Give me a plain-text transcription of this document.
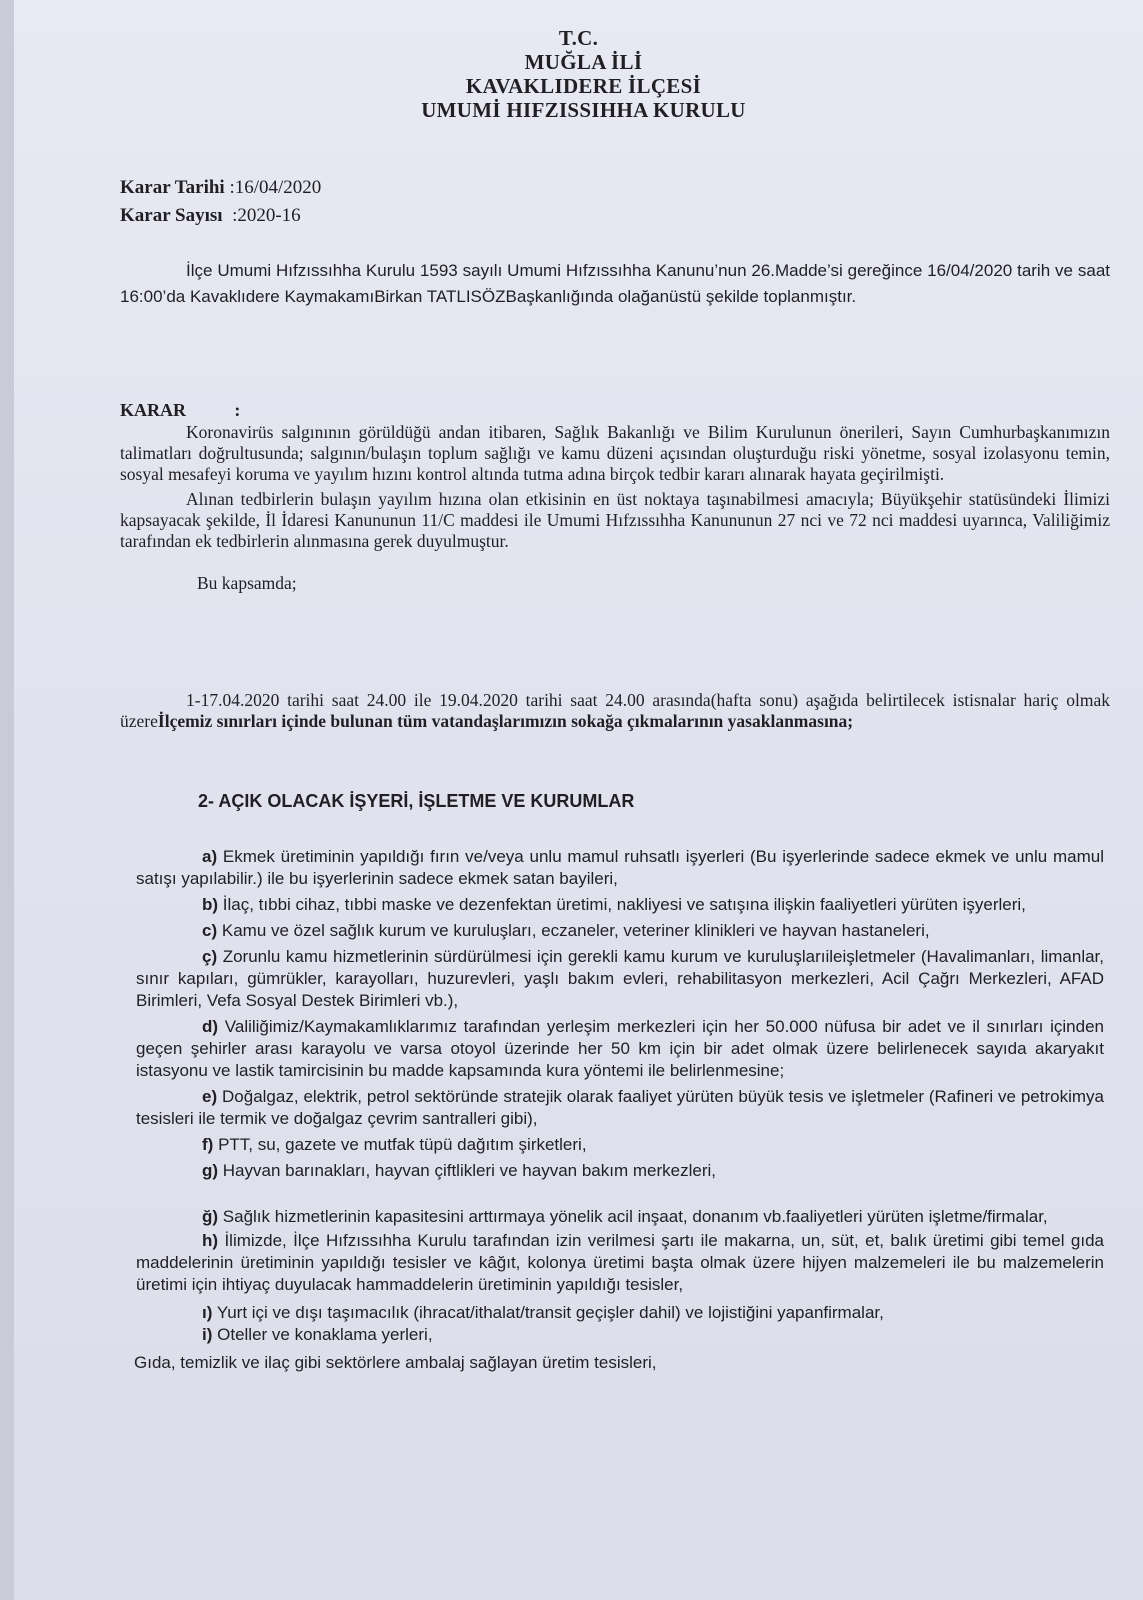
T.C.
MUĞLA İLİ
KAVAKLIDERE İLÇESİ
UMUMİ HIFZISSIHHA KURULU
Karar Tarihi :16/04/2020
Karar Sayısı :2020-16

İlçe Umumi Hıfzıssıhha Kurulu 1593 sayılı Umumi Hıfzıssıhha Kanunu’nun 26.Madde’si gereğince 16/04/2020 tarih ve saat 16:00’da Kavaklıdere KaymakamıBirkan TATLISÖZBaşkanlığında olağanüstü şekilde toplanmıştır.

KARAR	:

Koronavirüs salgınının görüldüğü andan itibaren, Sağlık Bakanlığı ve Bilim Kurulunun önerileri, Sayın Cumhurbaşkanımızın talimatları doğrultusunda; salgının/bulaşın toplum sağlığı ve kamu düzeni açısından oluşturduğu riski yönetme, sosyal izolasyonu temin, sosyal mesafeyi koruma ve yayılım hızını kontrol altında tutma adına birçok tedbir kararı alınarak hayata geçirilmişti.

Alınan tedbirlerin bulaşın yayılım hızına olan etkisinin en üst noktaya taşınabilmesi amacıyla; Büyükşehir statüsündeki İlimizi kapsayacak şekilde, İl İdaresi Kanununun 11/C maddesi ile Umumi Hıfzıssıhha Kanununun 27 nci ve 72 nci maddesi uyarınca, Valiliğimiz tarafından ek tedbirlerin alınmasına gerek duyulmuştur.

Bu kapsamda;

1-17.04.2020 tarihi saat 24.00 ile 19.04.2020 tarihi saat 24.00 arasında(hafta sonu) aşağıda belirtilecek istisnalar hariç olmak üzereİlçemiz sınırları içinde bulunan tüm vatandaşlarımızın sokağa çıkmalarının yasaklanmasına;

2- AÇIK OLACAK İŞYERİ, İŞLETME VE KURUMLAR

a) Ekmek üretiminin yapıldığı fırın ve/veya unlu mamul ruhsatlı işyerleri (Bu işyerlerinde sadece ekmek ve unlu mamul satışı yapılabilir.) ile bu işyerlerinin sadece ekmek satan bayileri,

b) İlaç, tıbbi cihaz, tıbbi maske ve dezenfektan üretimi, nakliyesi ve satışına ilişkin faaliyetleri yürüten işyerleri,

c) Kamu ve özel sağlık kurum ve kuruluşları, eczaneler, veteriner klinikleri ve hayvan hastaneleri,

ç) Zorunlu kamu hizmetlerinin sürdürülmesi için gerekli kamu kurum ve kuruluşlarıileişletmeler (Havalimanları, limanlar, sınır kapıları, gümrükler, karayolları, huzurevleri, yaşlı bakım evleri, rehabilitasyon merkezleri, Acil Çağrı Merkezleri, AFAD Birimleri, Vefa Sosyal Destek Birimleri vb.),

d) Valiliğimiz/Kaymakamlıklarımız tarafından yerleşim merkezleri için her 50.000 nüfusa bir adet ve il sınırları içinden geçen şehirler arası karayolu ve varsa otoyol üzerinde her 50 km için bir adet olmak üzere belirlenecek sayıda akaryakıt istasyonu ve lastik tamircisinin bu madde kapsamında kura yöntemi ile belirlenmesine;

e) Doğalgaz, elektrik, petrol sektöründe stratejik olarak faaliyet yürüten büyük tesis ve işletmeler (Rafineri ve petrokimya tesisleri ile termik ve doğalgaz çevrim santralleri gibi),

f) PTT, su, gazete ve mutfak tüpü dağıtım şirketleri,

g) Hayvan barınakları, hayvan çiftlikleri ve hayvan bakım merkezleri,

ğ) Sağlık hizmetlerinin kapasitesini arttırmaya yönelik acil inşaat, donanım vb.faaliyetleri yürüten işletme/firmalar,

h) İlimizde, İlçe Hıfzıssıhha Kurulu tarafından izin verilmesi şartı ile makarna, un, süt, et, balık üretimi gibi temel gıda maddelerinin üretiminin yapıldığı tesisler ve kâğıt, kolonya üretimi başta olmak üzere hijyen malzemeleri ile bu malzemelerin üretimi için ihtiyaç duyulacak hammaddelerin üretiminin yapıldığı tesisler,

ı) Yurt içi ve dışı taşımacılık (ihracat/ithalat/transit geçişler dahil) ve lojistiğini yapanfirmalar,

i) Oteller ve konaklama yerleri,

Gıda, temizlik ve ilaç gibi sektörlere ambalaj sağlayan üretim tesisleri,
